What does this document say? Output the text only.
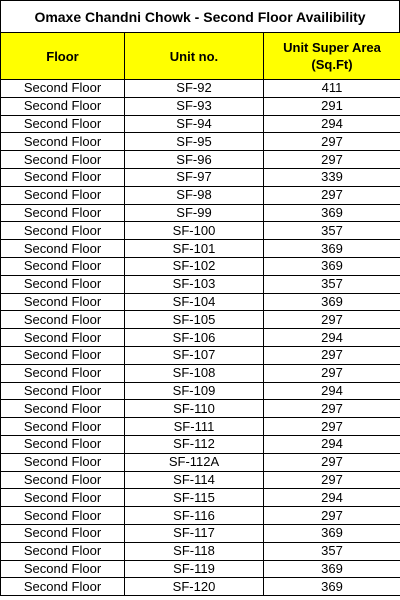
Omaxe Chandni Chowk - Second Floor Availibility
Floor	Unit no.	Unit Super Area
(Sq.Ft)
Second Floor	SF-92	411
Second Floor	SF-93	291
Second Floor	SF-94	294
Second Floor	SF-95	297
Second Floor	SF-96	297
Second Floor	SF-97	339
Second Floor	SF-98	297
Second Floor	SF-99	369
Second Floor	SF-100	357
Second Floor	SF-101	369
Second Floor	SF-102	369
Second Floor	SF-103	357
Second Floor	SF-104	369
Second Floor	SF-105	297
Second Floor	SF-106	294
Second Floor	SF-107	297
Second Floor	SF-108	297
Second Floor	SF-109	294
Second Floor	SF-110	297
Second Floor	SF-111	297
Second Floor	SF-112	294
Second Floor	SF-112A	297
Second Floor	SF-114	297
Second Floor	SF-115	294
Second Floor	SF-116	297
Second Floor	SF-117	369
Second Floor	SF-118	357
Second Floor	SF-119	369
Second Floor	SF-120	369
